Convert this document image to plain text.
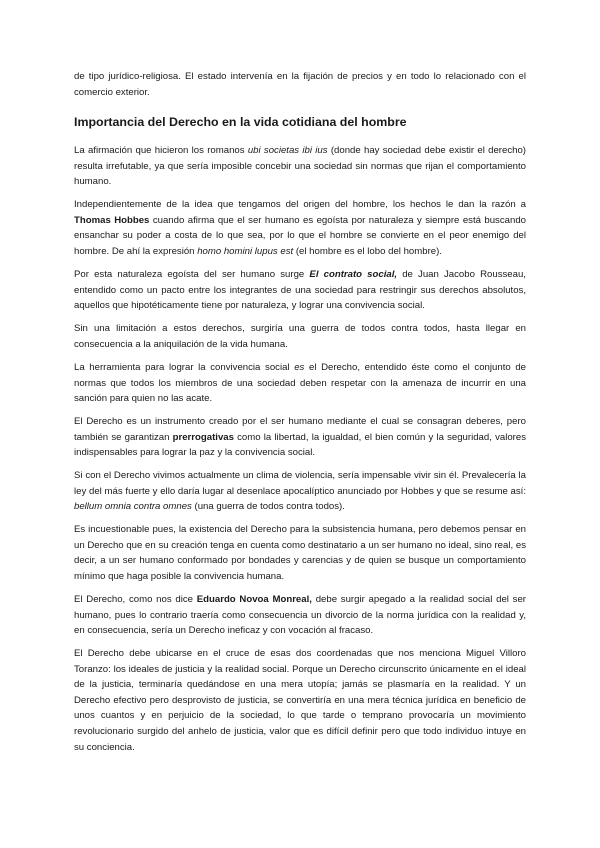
de tipo jurídico-religiosa. El estado intervenía en la fijación de precios y en todo lo relacionado con el comercio exterior.

Importancia del Derecho en la vida cotidiana del hombre

La afirmación que hicieron los romanos ubi societas ibi ius (donde hay sociedad debe existir el derecho) resulta irrefutable, ya que sería imposible concebir una sociedad sin normas que rijan el comportamiento humano.

Independientemente de la idea que tengamos del origen del hombre, los hechos le dan la razón a Thomas Hobbes cuando afirma que el ser humano es egoísta por naturaleza y siempre está buscando ensanchar su poder a costa de lo que sea, por lo que el hombre se convierte en el peor enemigo del hombre. De ahí la expresión homo homini lupus est (el hombre es el lobo del hombre).

Por esta naturaleza egoísta del ser humano surge El contrato social, de Juan Jacobo Rousseau, entendido como un pacto entre los integrantes de una sociedad para restringir sus derechos absolutos, aquellos que hipotéticamente tiene por naturaleza, y lograr una convivencia social.

Sin una limitación a estos derechos, surgiría una guerra de todos contra todos, hasta llegar en consecuencia a la aniquilación de la vida humana.

La herramienta para lograr la convivencia social es el Derecho, entendido éste como el conjunto de normas que todos los miembros de una sociedad deben respetar con la amenaza de incurrir en una sanción para quien no las acate.

El Derecho es un instrumento creado por el ser humano mediante el cual se consagran deberes, pero también se garantizan prerrogativas como la libertad, la igualdad, el bien común y la seguridad, valores indispensables para lograr la paz y la convivencia social.

Si con el Derecho vivimos actualmente un clima de violencia, sería impensable vivir sin él. Prevalecería la ley del más fuerte y ello daría lugar al desenlace apocalíptico anunciado por Hobbes y que se resume así: bellum omnia contra omnes (una guerra de todos contra todos).

Es incuestionable pues, la existencia del Derecho para la subsistencia humana, pero debemos pensar en un Derecho que en su creación tenga en cuenta como destinatario a un ser humano no ideal, sino real, es decir, a un ser humano conformado por bondades y carencias y de quien se busque un comportamiento mínimo que haga posible la convivencia humana.

El Derecho, como nos dice Eduardo Novoa Monreal, debe surgir apegado a la realidad social del ser humano, pues lo contrario traería como consecuencia un divorcio de la norma jurídica con la realidad y, en consecuencia, sería un Derecho ineficaz y con vocación al fracaso.

El Derecho debe ubicarse en el cruce de esas dos coordenadas que nos menciona Miguel Villoro Toranzo: los ideales de justicia y la realidad social. Porque un Derecho circunscrito únicamente en el ideal de la justicia, terminaría quedándose en una mera utopía; jamás se plasmaría en la realidad. Y un Derecho efectivo pero desprovisto de justicia, se convertiría en una mera técnica jurídica en beneficio de unos cuantos y en perjuicio de la sociedad, lo que tarde o temprano provocaría un movimiento revolucionario surgido del anhelo de justicia, valor que es difícil definir pero que todo individuo intuye en su conciencia.
